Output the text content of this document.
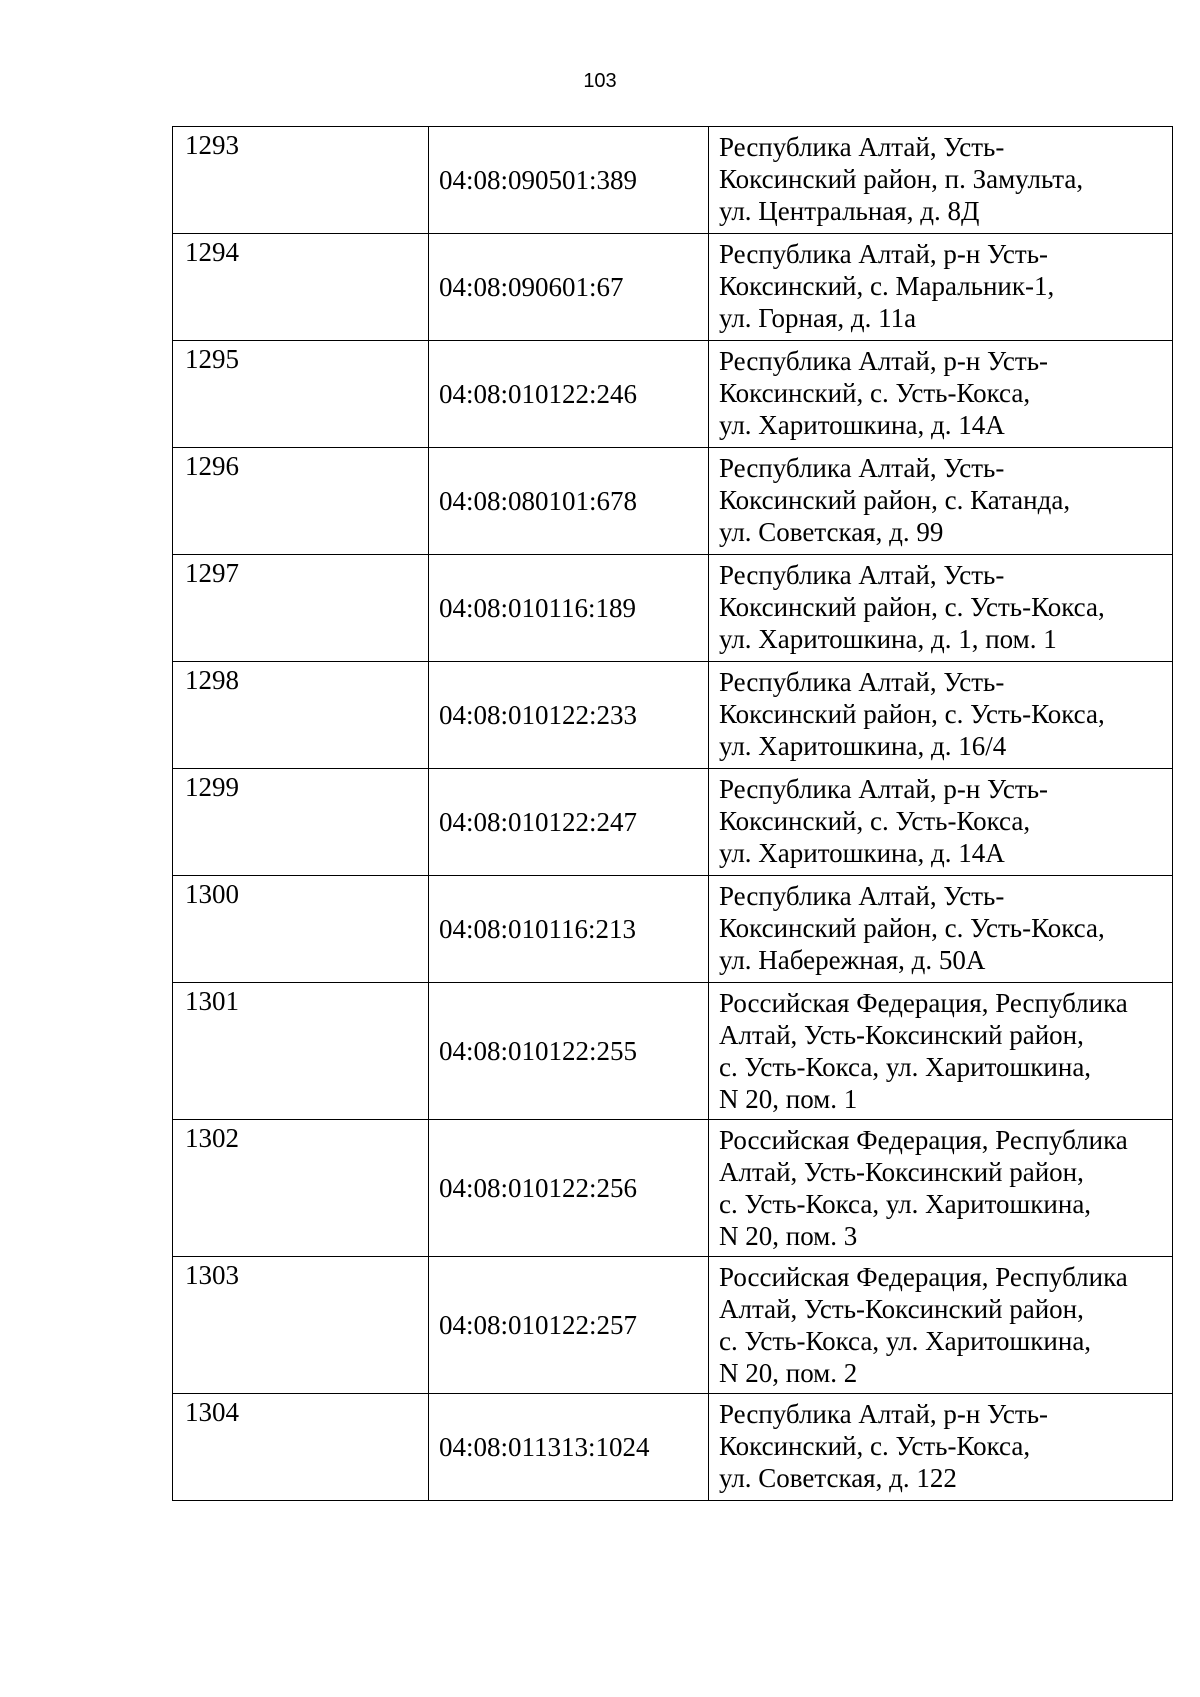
103
1293	04:08:090501:389	Республика Алтай, Усть-
Коксинский район, п. Замульта,
ул. Центральная, д. 8Д

1294	04:08:090601:67	Республика Алтай, р-н Усть-
Коксинский, с. Маральник-1,
ул. Горная, д. 11а

1295	04:08:010122:246	Республика Алтай, р-н Усть-
Коксинский, с. Усть-Кокса,
ул. Харитошкина, д. 14А

1296	04:08:080101:678	Республика Алтай, Усть-
Коксинский район, с. Катанда,
ул. Советская, д. 99

1297	04:08:010116:189	Республика Алтай, Усть-
Коксинский район, с. Усть-Кокса,
ул. Харитошкина, д. 1, пом. 1

1298	04:08:010122:233	Республика Алтай, Усть-
Коксинский район, с. Усть-Кокса,
ул. Харитошкина, д. 16/4

1299	04:08:010122:247	Республика Алтай, р-н Усть-
Коксинский, с. Усть-Кокса,
ул. Харитошкина, д. 14А

1300	04:08:010116:213	Республика Алтай, Усть-
Коксинский район, с. Усть-Кокса,
ул. Набережная, д. 50А

1301	04:08:010122:255	Российская Федерация, Республика
Алтай, Усть-Коксинский район,
с. Усть-Кокса, ул. Харитошкина,
N 20, пом. 1

1302	04:08:010122:256	Российская Федерация, Республика
Алтай, Усть-Коксинский район,
с. Усть-Кокса, ул. Харитошкина,
N 20, пом. 3

1303	04:08:010122:257	Российская Федерация, Республика
Алтай, Усть-Коксинский район,
с. Усть-Кокса, ул. Харитошкина,
N 20, пом. 2

1304	04:08:011313:1024	Республика Алтай, р-н Усть-
Коксинский, с. Усть-Кокса,
ул. Советская, д. 122
